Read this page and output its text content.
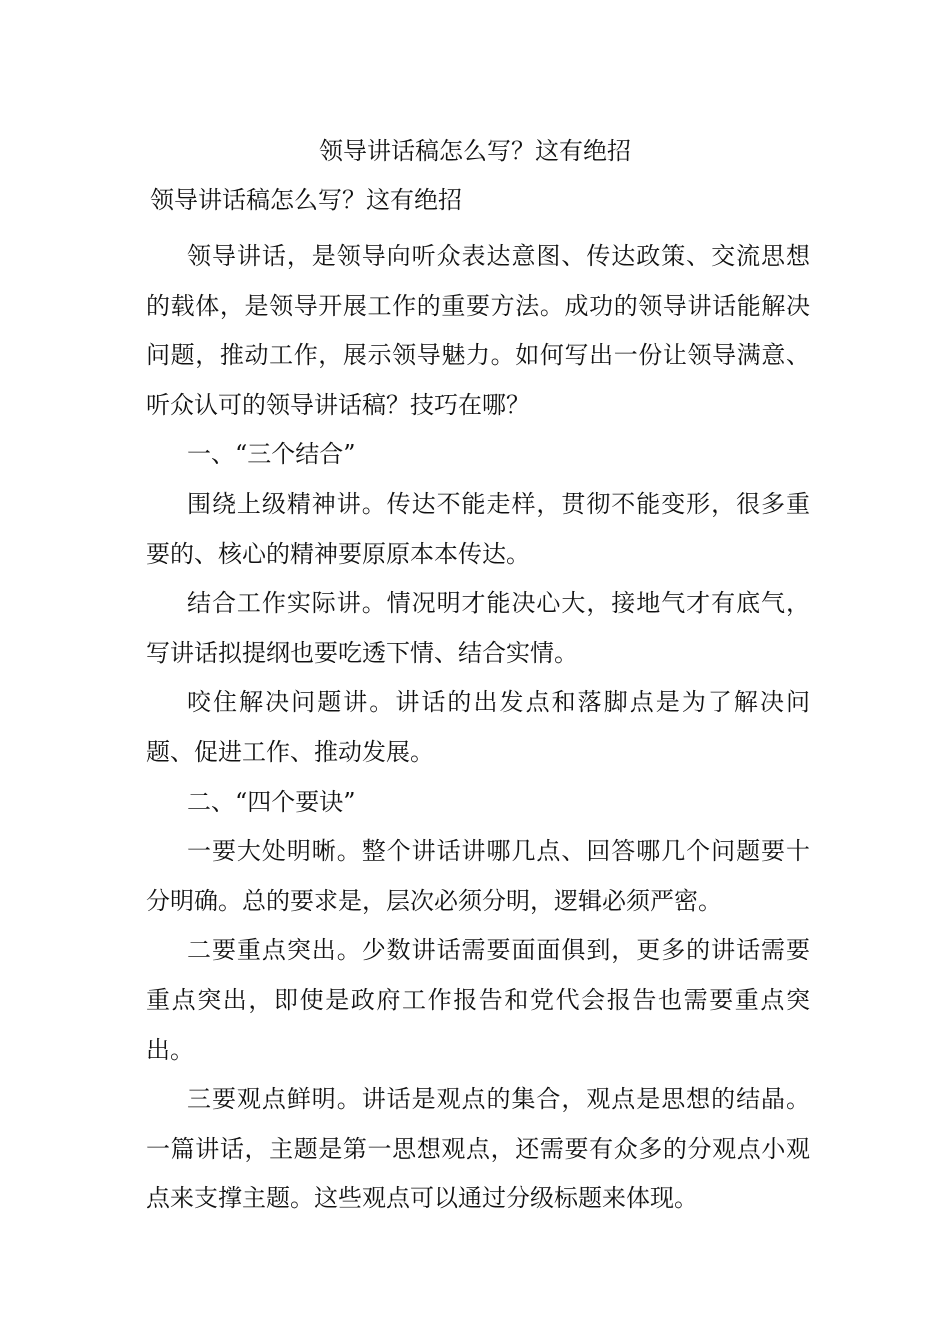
领导讲话稿怎么写？这有绝招
领导讲话稿怎么写？这有绝招

领导讲话，是领导向听众表达意图、传达政策、交流思想的载体，是领导开展工作的重要方法。成功的领导讲话能解决问题，推动工作，展示领导魅力。如何写出一份让领导满意、听众认可的领导讲话稿？技巧在哪？

一、“三个结合”

围绕上级精神讲。传达不能走样，贯彻不能变形，很多重要的、核心的精神要原原本本传达。

结合工作实际讲。情况明才能决心大，接地气才有底气，写讲话拟提纲也要吃透下情、结合实情。

咬住解决问题讲。讲话的出发点和落脚点是为了解决问题、促进工作、推动发展。

二、“四个要诀”

一要大处明晰。整个讲话讲哪几点、回答哪几个问题要十分明确。总的要求是，层次必须分明，逻辑必须严密。

二要重点突出。少数讲话需要面面俱到，更多的讲话需要重点突出，即使是政府工作报告和党代会报告也需要重点突出。

三要观点鲜明。讲话是观点的集合，观点是思想的结晶。一篇讲话，主题是第一思想观点，还需要有众多的分观点小观点来支撑主题。这些观点可以通过分级标题来体现。
